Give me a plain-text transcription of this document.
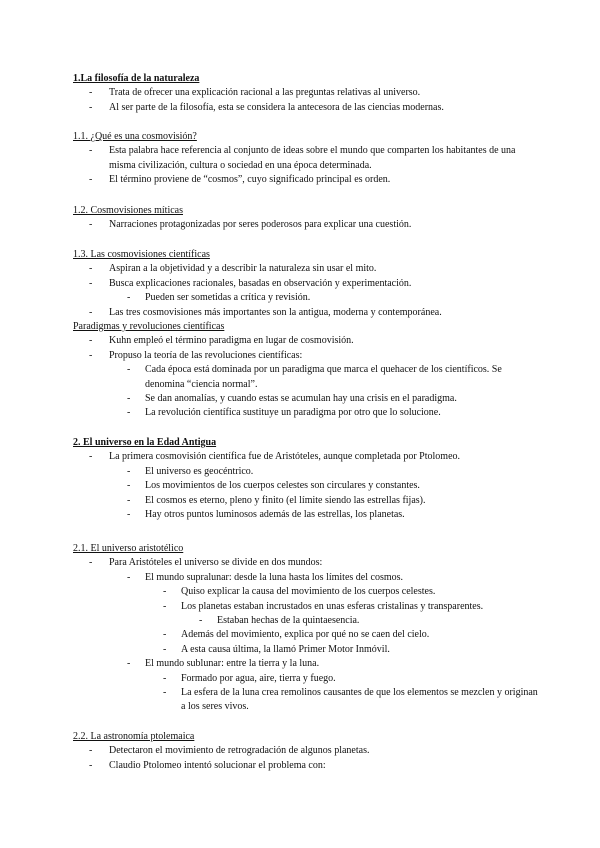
1.La filosofía de la naturaleza
-	Trata de ofrecer una explicación racional a las preguntas relativas al universo.
-	Al ser parte de la filosofía, esta se considera la antecesora de las ciencias modernas.
1.1. ¿Qué es una cosmovisión?
-	Esta palabra hace referencia al conjunto de ideas sobre el mundo que comparten los habitantes de una misma civilización, cultura o sociedad en una época determinada.
-	El término proviene de “cosmos”, cuyo significado principal es orden.
1.2. Cosmovisiones míticas
-	Narraciones protagonizadas por seres poderosos para explicar una cuestión.
1.3. Las cosmovisiones científicas
-	Aspiran a la objetividad y a describir la naturaleza sin usar el mito.
-	Busca explicaciones racionales, basadas en observación y experimentación.
-	Pueden ser sometidas a crítica y revisión.
-	Las tres cosmovisiones más importantes son la antigua, moderna y contemporánea.
Paradigmas y revoluciones científicas
-	Kuhn empleó el término paradigma en lugar de cosmovisión.
-	Propuso la teoría de las revoluciones científicas:
-	Cada época está dominada por un paradigma que marca el quehacer de los científicos. Se denomina “ciencia normal”.
-	Se dan anomalías, y cuando estas se acumulan hay una crisis en el paradigma.
-	La revolución científica sustituye un paradigma por otro que lo solucione.
2. El universo en la Edad Antigua
-	La primera cosmovisión científica fue de Aristóteles, aunque completada por Ptolomeo.
-	El universo es geocéntrico.
-	Los movimientos de los cuerpos celestes son circulares y constantes.
-	El cosmos es eterno, pleno y finito (el límite siendo las estrellas fijas).
-	Hay otros puntos luminosos además de las estrellas, los planetas.
2.1. El universo aristotélico
-	Para Aristóteles el universo se divide en dos mundos:
-	El mundo supralunar: desde la luna hasta los límites del cosmos.
-	Quiso explicar la causa del movimiento de los cuerpos celestes.
-	Los planetas estaban incrustados en unas esferas cristalinas y transparentes.
-	Estaban hechas de la quintaesencia.
-	Además del movimiento, explica por qué no se caen del cielo.
-	A esta causa última, la llamó Primer Motor Inmóvil.
-	El mundo sublunar: entre la tierra y la luna.
-	Formado por agua, aire, tierra y fuego.
-	La esfera de la luna crea remolinos causantes de que los elementos se mezclen y originan a los seres vivos.
2.2. La astronomía ptolemaica
-	Detectaron el movimiento de retrogradación de algunos planetas.
-	Claudio Ptolomeo intentó solucionar el problema con:
